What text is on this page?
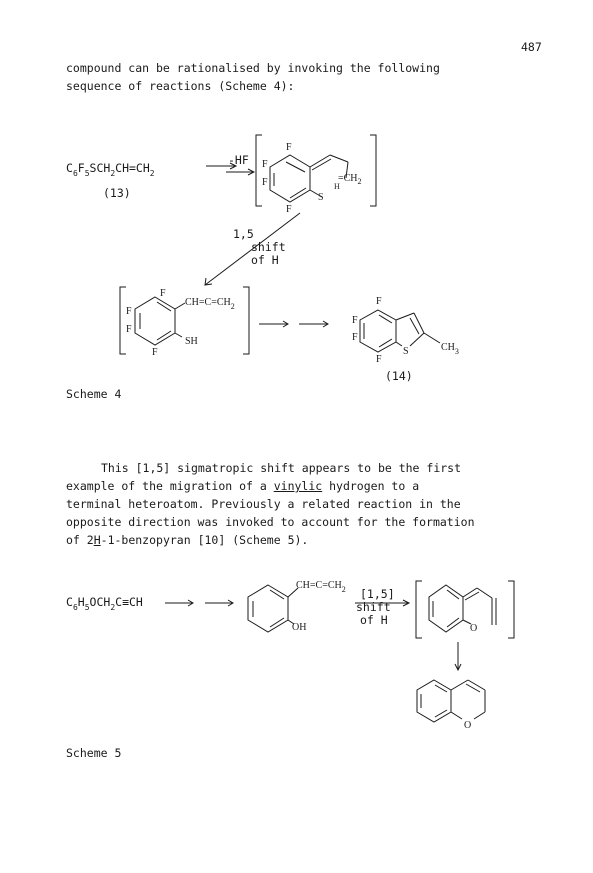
487
compound can be rationalised by invoking the following
sequence of reactions (Scheme 4):
$C_6F_5SCH_2CH=CH_2$
(13)
-HF
F
F
F
F
S
H
$=CH_2$
1,5
shift
of H
F
F
F
F
$CH=C=CH_2$
SH
F
F
F
F
S	$CH_3$
(14)
Scheme 4
This [1,5] sigmatropic shift appears to be the first
example of the migration of a vinylic hydrogen to a
terminal heteroatom. Previously a related reaction in the
opposite direction was invoked to account for the formation
of 2H-1-benzopyran [10] (Scheme 5).
$C_6H_5OCH_2C\equiv CH$
$CH=C=CH_2$
OH
[1,5]
shift
of H
O
O
Scheme 5
